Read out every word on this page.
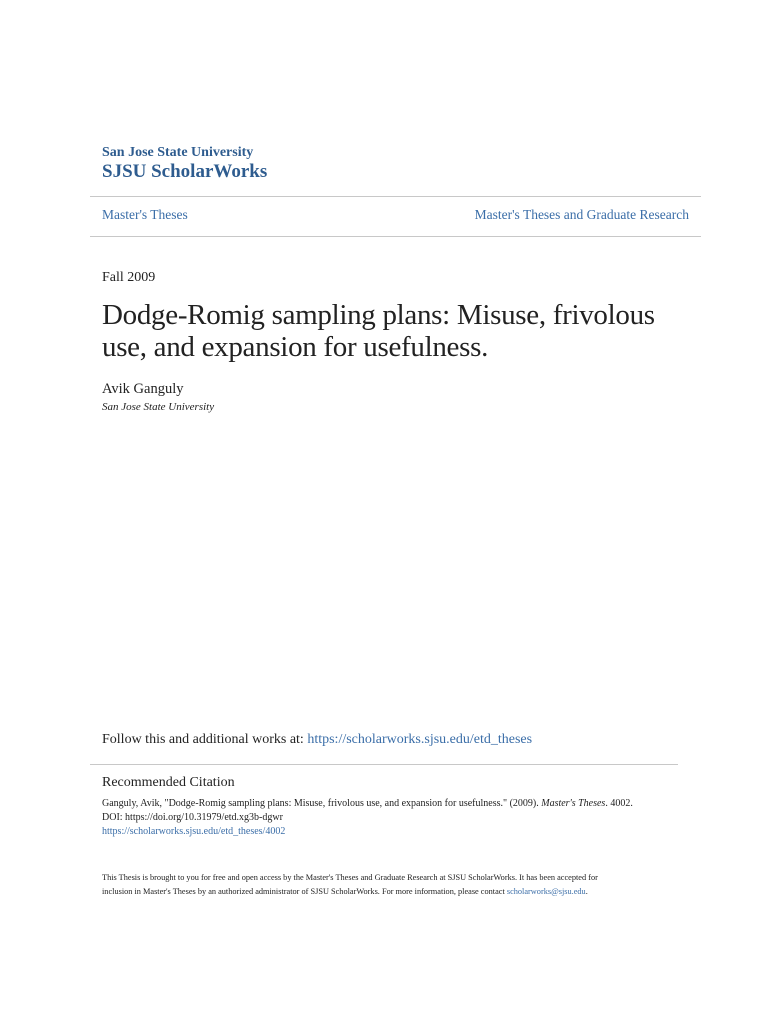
San Jose State University
SJSU ScholarWorks
Master's Theses	Master's Theses and Graduate Research
Fall 2009
Dodge-Romig sampling plans: Misuse, frivolous use, and expansion for usefulness.
Avik Ganguly
San Jose State University
Follow this and additional works at: https://scholarworks.sjsu.edu/etd_theses
Recommended Citation
Ganguly, Avik, "Dodge-Romig sampling plans: Misuse, frivolous use, and expansion for usefulness." (2009). Master's Theses. 4002.
DOI: https://doi.org/10.31979/etd.xg3b-dgwr
https://scholarworks.sjsu.edu/etd_theses/4002
This Thesis is brought to you for free and open access by the Master's Theses and Graduate Research at SJSU ScholarWorks. It has been accepted for
inclusion in Master's Theses by an authorized administrator of SJSU ScholarWorks. For more information, please contact scholarworks@sjsu.edu.
